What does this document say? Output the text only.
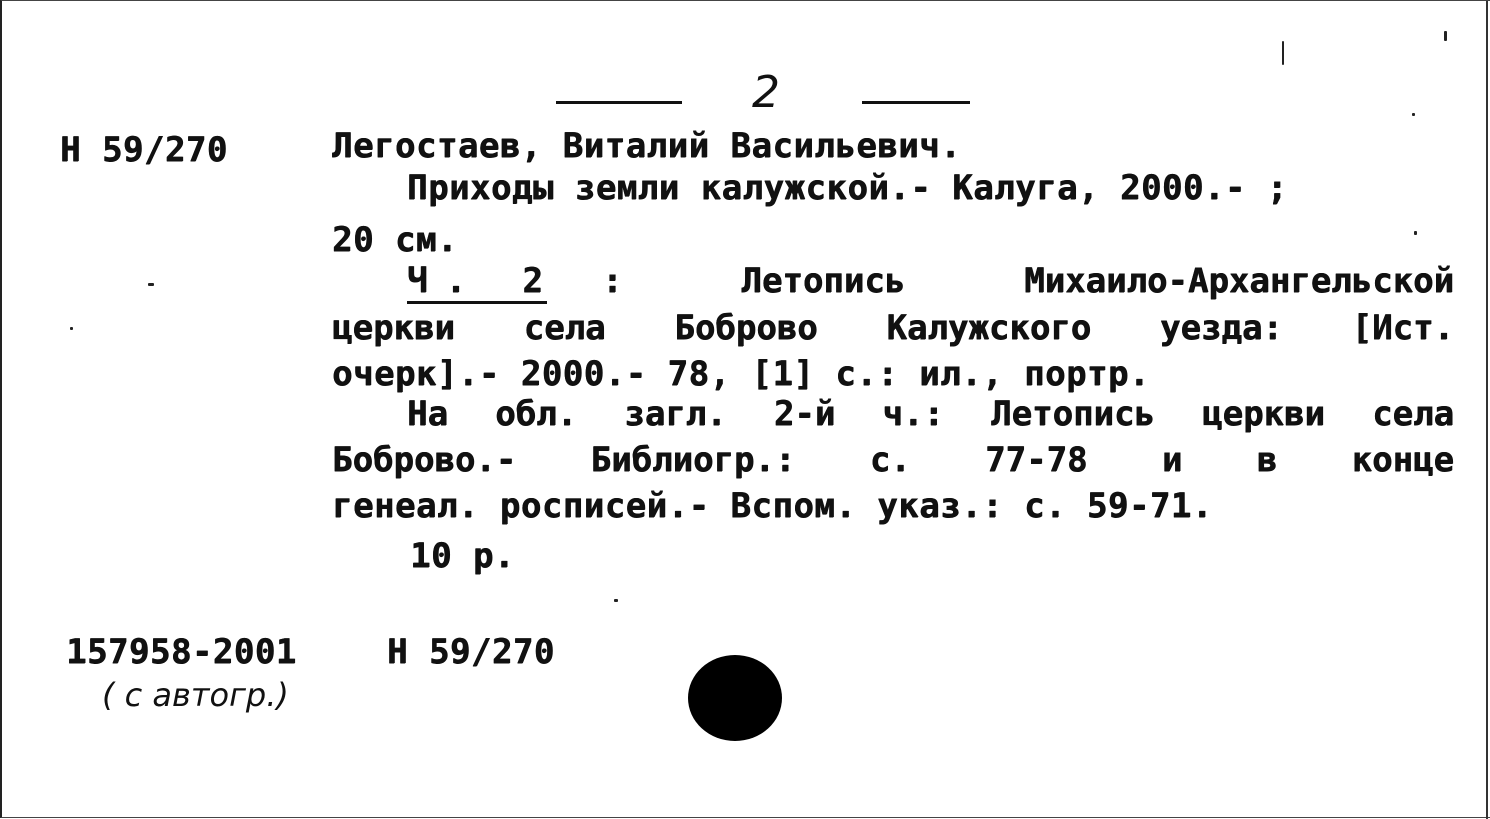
2
Н 59/270	Легостаев, Виталий Васильевич.
Приходы земли калужской.- Калуга, 2000.- ;
20 см.
Ч. 2 :	Летопись	Михаило-Архангельской
церкви села Боброво Калужского уезда: [Ист.
очерк].- 2000.- 78, [1] с.: ил., портр.
На обл. загл. 2-й ч.: Летопись церкви села
Боброво.- Библиогр.: с. 77-78 и в конце
генеал. росписей.- Вспом. указ.: с. 59-71.
10 р.
157958-2001	Н 59/270
( с автогр.)
